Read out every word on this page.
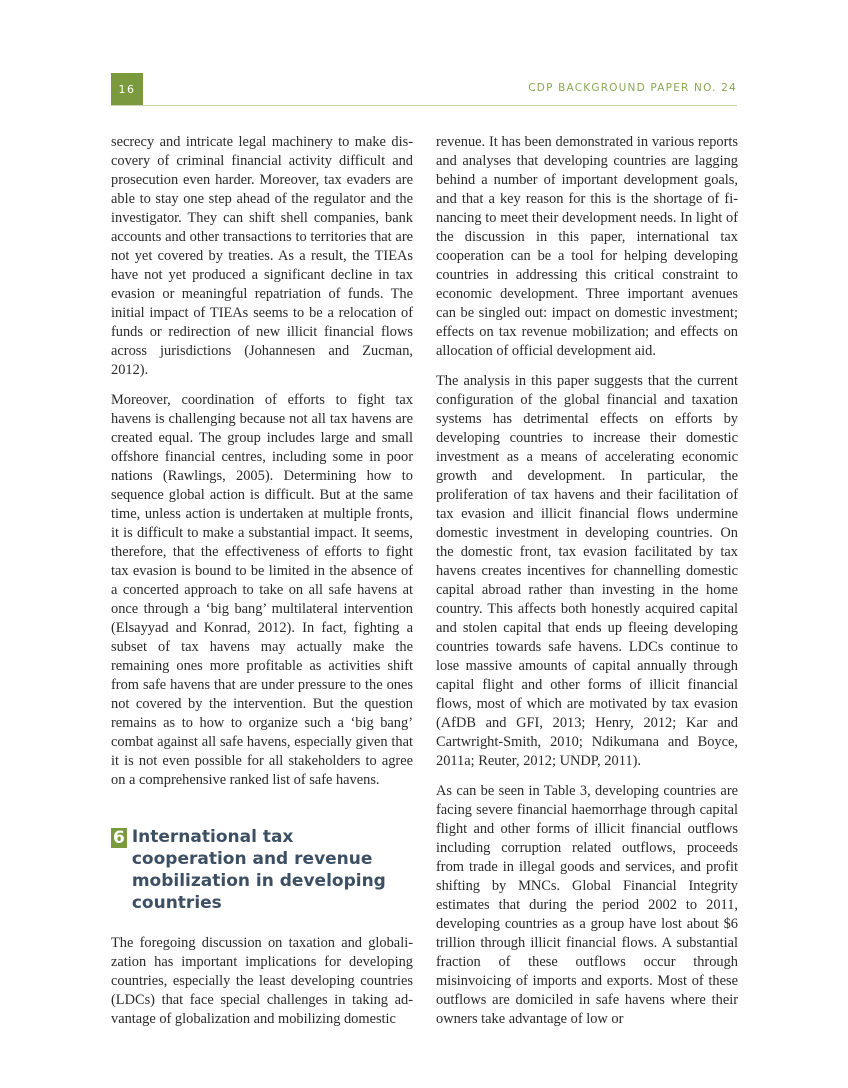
16	CDP BACKGROUND PAPER NO. 24

secrecy and intricate legal machinery to make discovery of criminal financial activity difficult and prosecution even harder. Moreover, tax evaders are able to stay one step ahead of the regulator and the investigator. They can shift shell companies, bank accounts and other transactions to territories that are not yet covered by treaties. As a result, the TIEAs have not yet produced a significant decline in tax evasion or meaningful repatriation of funds. The initial impact of TIEAs seems to be a relocation of funds or redirection of new illicit financial flows across jurisdictions (Johannesen and Zucman, 2012).

Moreover, coordination of efforts to fight tax havens is challenging because not all tax havens are created equal. The group includes large and small offshore financial centres, including some in poor nations (Rawlings, 2005). Determining how to sequence global action is difficult. But at the same time, unless action is undertaken at multiple fronts, it is difficult to make a substantial impact. It seems, therefore, that the effectiveness of efforts to fight tax evasion is bound to be limited in the absence of a concerted approach to take on all safe havens at once through a ‘big bang’ multilateral intervention (Elsayyad and Konrad, 2012). In fact, fighting a subset of tax havens may actually make the remaining ones more profitable as activities shift from safe havens that are under pressure to the ones not covered by the intervention. But the question remains as to how to organize such a ‘big bang’ combat against all safe havens, especially given that it is not even possible for all stakeholders to agree on a comprehensive ranked list of safe havens.

6 International tax cooperation and revenue mobilization in developing countries

The foregoing discussion on taxation and globalization has important implications for developing countries, especially the least developing countries (LDCs) that face special challenges in taking advantage of globalization and mobilizing domestic

revenue. It has been demonstrated in various reports and analyses that developing countries are lagging behind a number of important development goals, and that a key reason for this is the shortage of financing to meet their development needs. In light of the discussion in this paper, international tax cooperation can be a tool for helping developing countries in addressing this critical constraint to economic development. Three important avenues can be singled out: impact on domestic investment; effects on tax revenue mobilization; and effects on allocation of official development aid.

The analysis in this paper suggests that the current configuration of the global financial and taxation systems has detrimental effects on efforts by developing countries to increase their domestic investment as a means of accelerating economic growth and development. In particular, the proliferation of tax havens and their facilitation of tax evasion and illicit financial flows undermine domestic investment in developing countries. On the domestic front, tax evasion facilitated by tax havens creates incentives for channelling domestic capital abroad rather than investing in the home country. This affects both honestly acquired capital and stolen capital that ends up fleeing developing countries towards safe havens. LDCs continue to lose massive amounts of capital annually through capital flight and other forms of illicit financial flows, most of which are motivated by tax evasion (AfDB and GFI, 2013; Henry, 2012; Kar and Cartwright-Smith, 2010; Ndikumana and Boyce, 2011a; Reuter, 2012; UNDP, 2011).

As can be seen in Table 3, developing countries are facing severe financial haemorrhage through capital flight and other forms of illicit financial outflows including corruption related outflows, proceeds from trade in illegal goods and services, and profit shifting by MNCs. Global Financial Integrity estimates that during the period 2002 to 2011, developing countries as a group have lost about $6 trillion through illicit financial flows. A substantial fraction of these outflows occur through misinvoicing of imports and exports. Most of these outflows are domiciled in safe havens where their owners take advantage of low or
